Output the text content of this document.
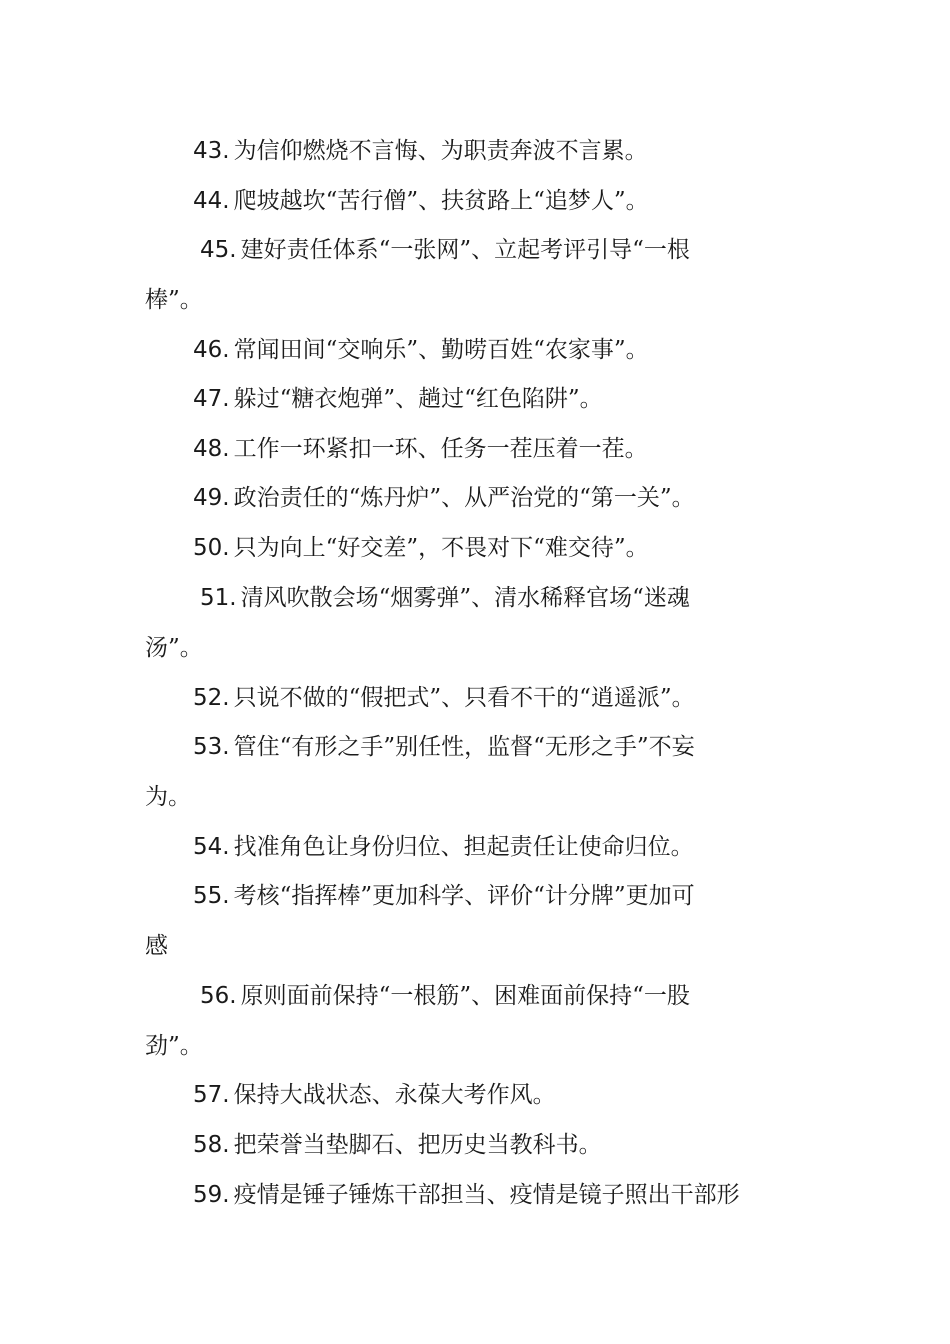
43. 为信仰燃烧不言悔、为职责奔波不言累。
44. 爬坡越坎“苦行僧”、扶贫路上“追梦人”。
45. 建好责任体系“一张网”、立起考评引导“一根
棒”。
46. 常闻田间“交响乐”、勤唠百姓“农家事”。
47. 躲过“糖衣炮弹”、趟过“红色陷阱”。
48. 工作一环紧扣一环、任务一茬压着一茬。
49. 政治责任的“炼丹炉”、从严治党的“第一关”。
50. 只为向上“好交差”，不畏对下“难交待”。
51. 清风吹散会场“烟雾弹”、清水稀释官场“迷魂
汤”。
52. 只说不做的“假把式”、只看不干的“逍遥派”。
53. 管住“有形之手”别任性，监督“无形之手”不妄
为。
54. 找准角色让身份归位、担起责任让使命归位。
55. 考核“指挥棒”更加科学、评价“计分牌”更加可
感
56. 原则面前保持“一根筋”、困难面前保持“一股
劲”。
57. 保持大战状态、永葆大考作风。
58. 把荣誉当垫脚石、把历史当教科书。
59. 疫情是锤子锤炼干部担当、疫情是镜子照出干部形
